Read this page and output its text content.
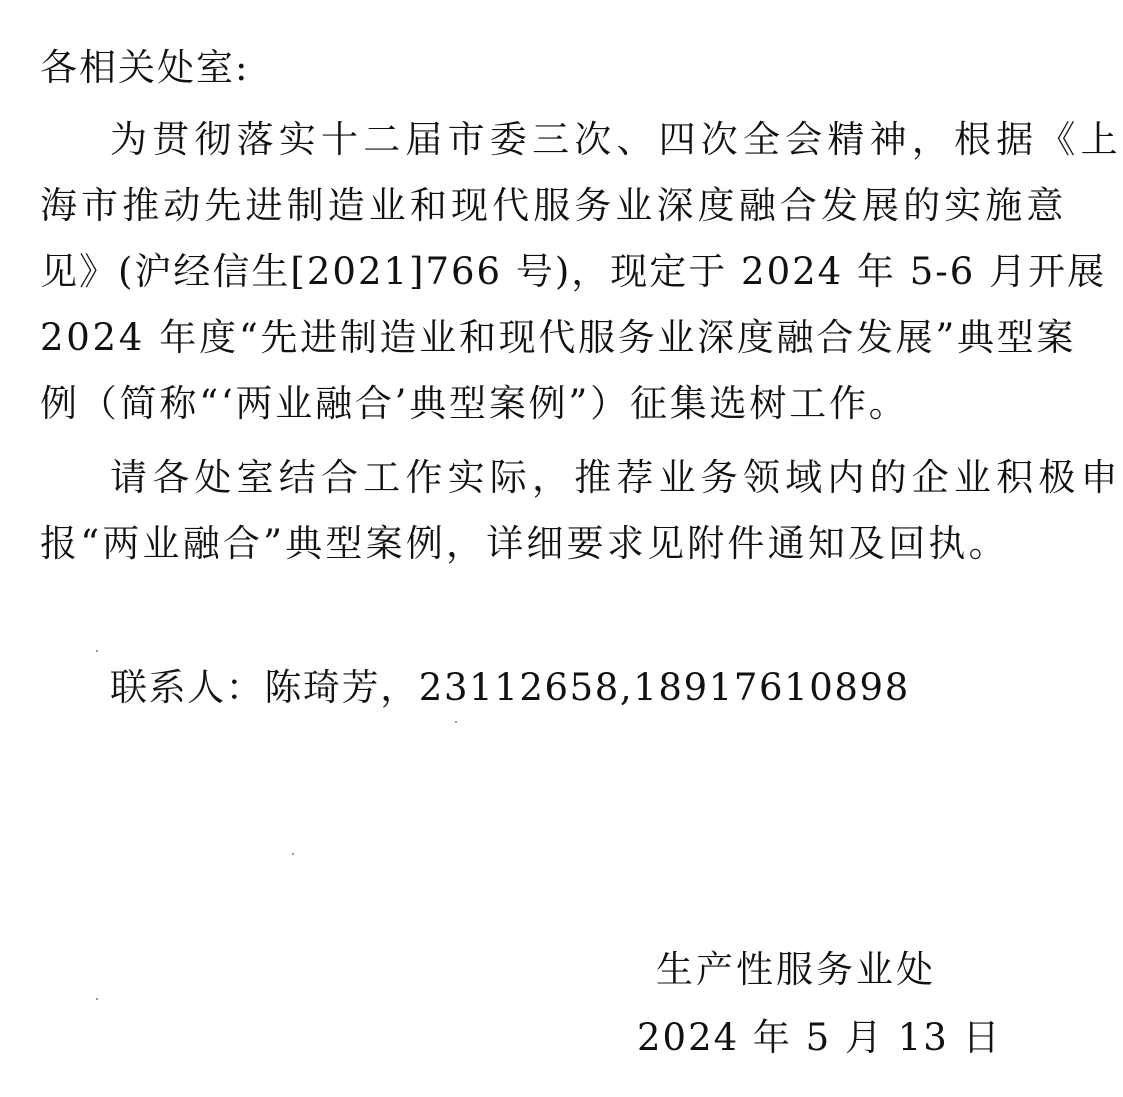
各相关处室:
为贯彻落实十二届市委三次、四次全会精神，根据《上
海市推动先进制造业和现代服务业深度融合发展的实施意
见》(沪经信生[2021]766 号)，现定于 2024 年 5-6 月开展
2024 年度“先进制造业和现代服务业深度融合发展”典型案
例（简称“‘两业融合’典型案例”）征集选树工作。
请各处室结合工作实际，推荐业务领域内的企业积极申
报“两业融合”典型案例，详细要求见附件通知及回执。
联系人：陈琦芳，23112658,18917610898
生产性服务业处
2024 年 5 月 13 日
